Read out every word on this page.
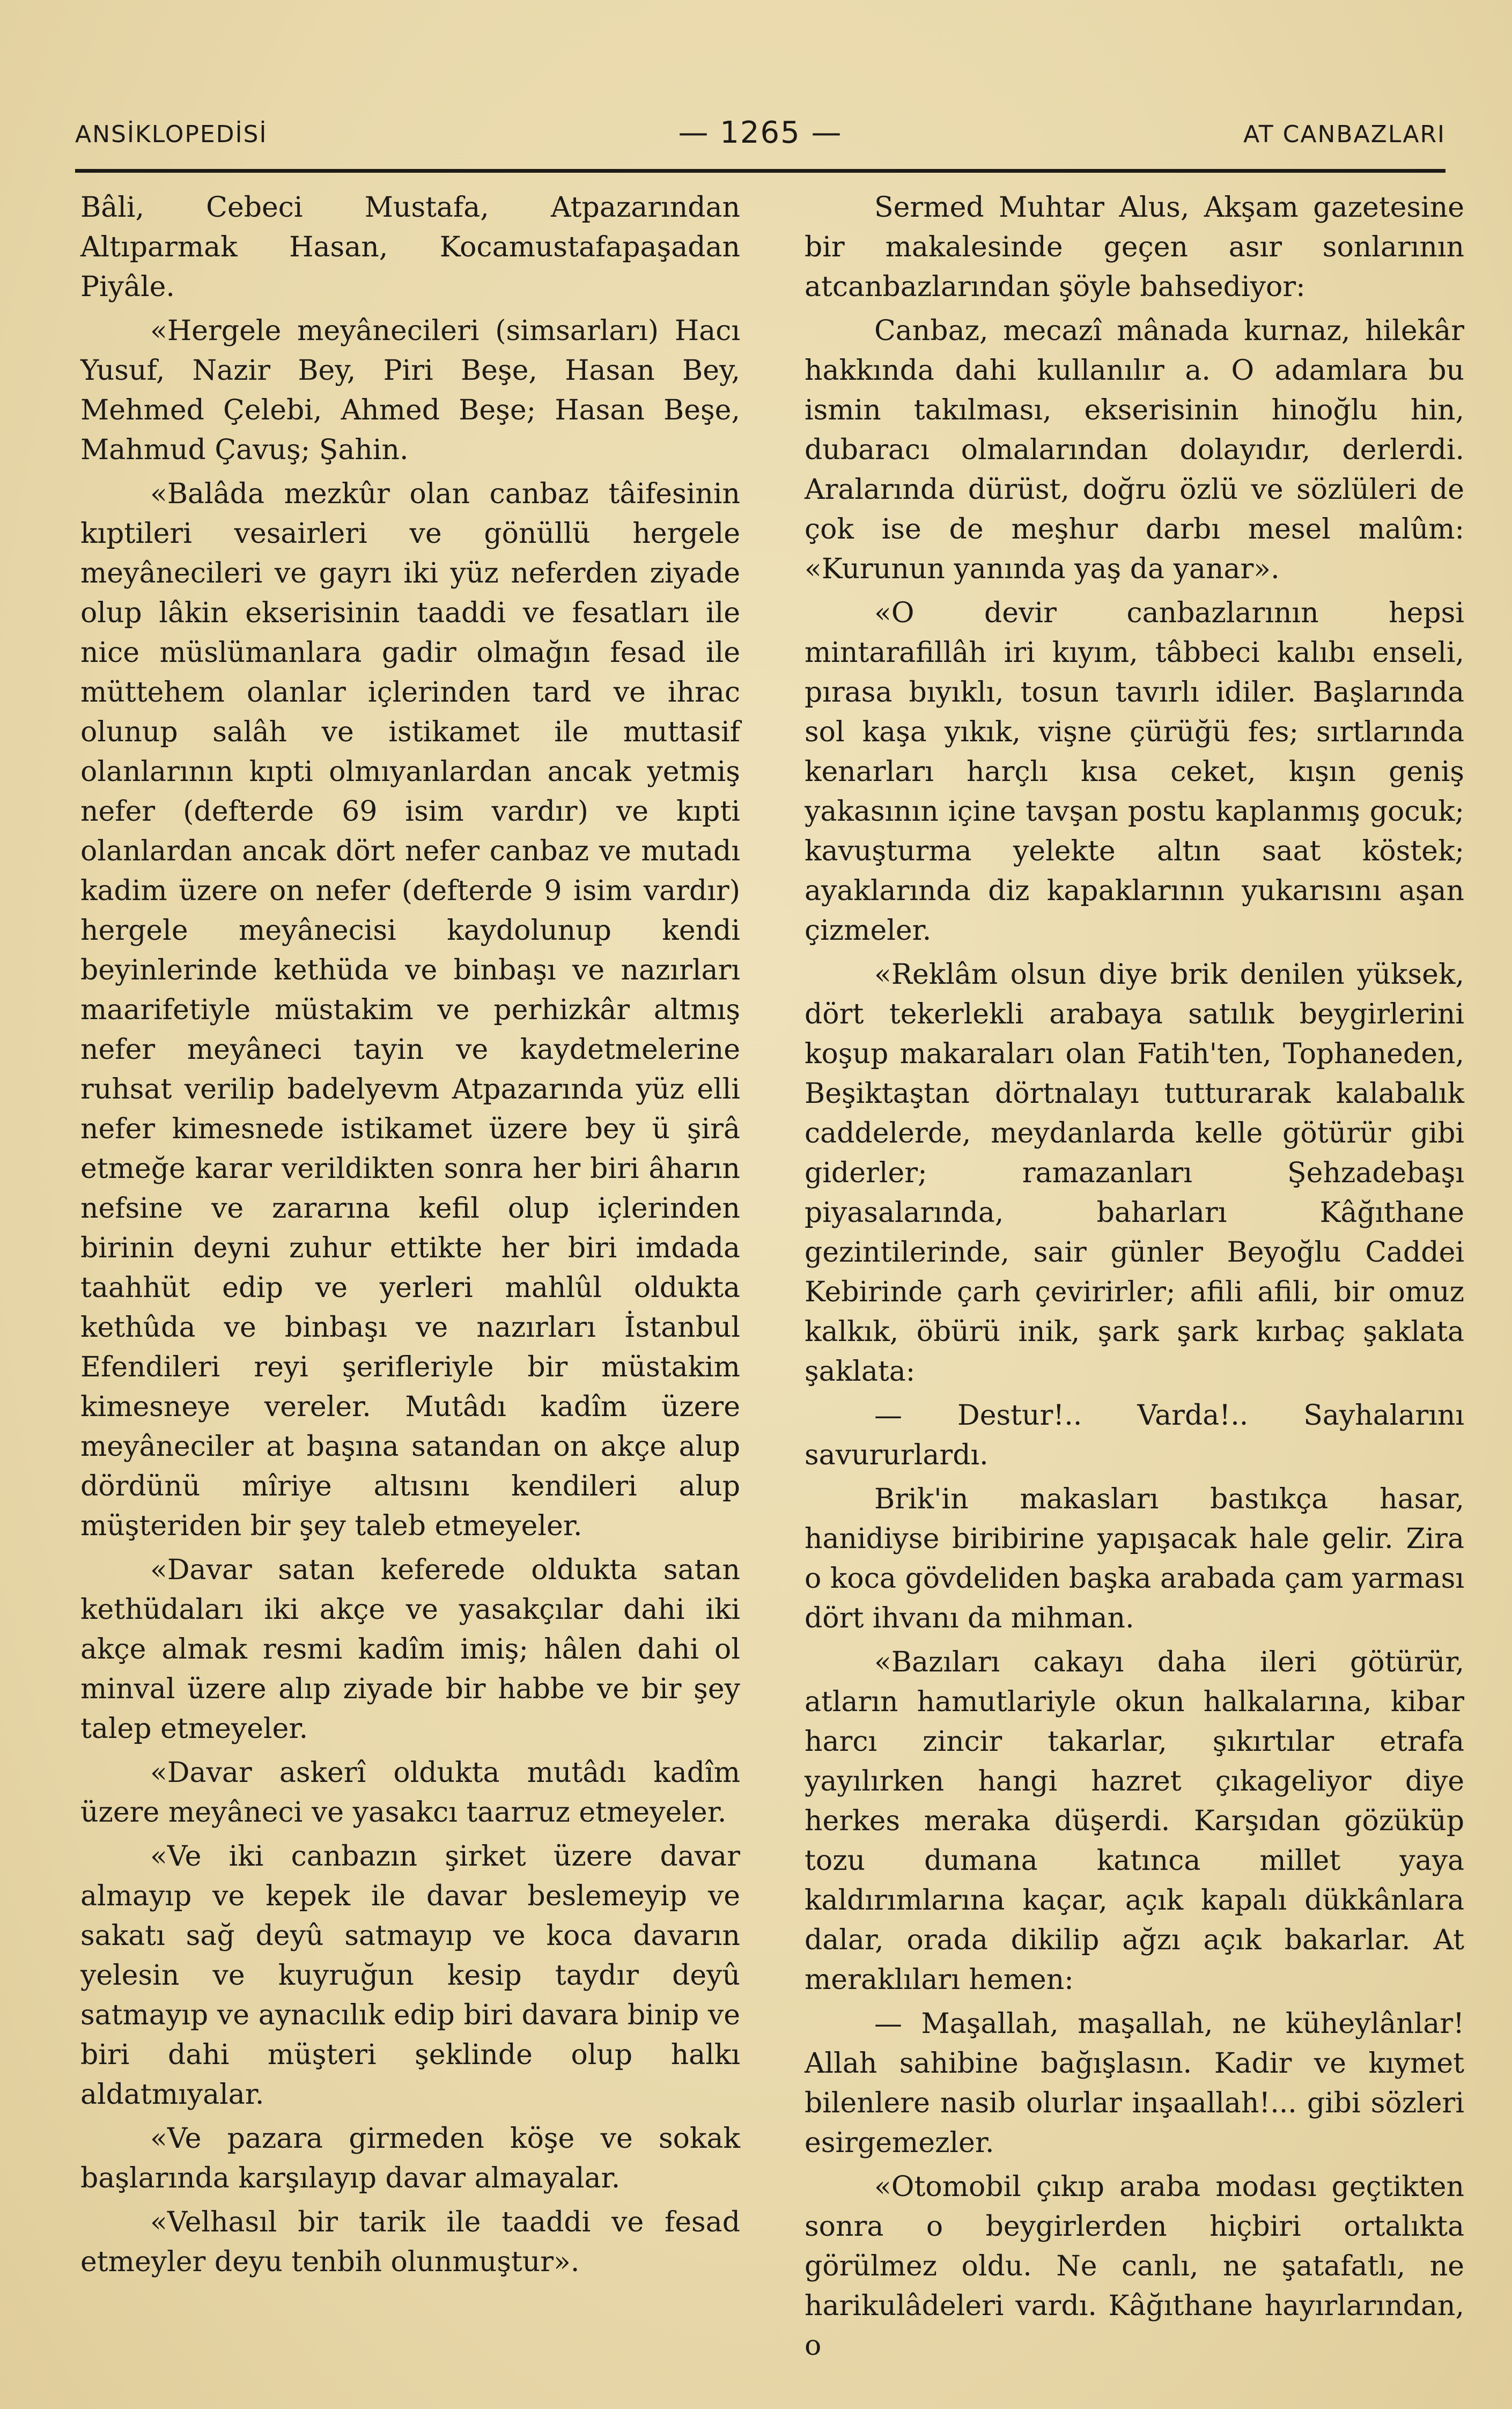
ANSİKLOPEDİSİ	— 1265 —	AT CANBAZLARI

Bâli, Cebeci Mustafa, Atpazarından Altıparmak Hasan, Kocamustafapaşadan Piyâle.

«Hergele meyânecileri (simsarları) Hacı Yusuf, Nazir Bey, Piri Beşe, Hasan Bey, Mehmed Çelebi, Ahmed Beşe; Hasan Beşe, Mahmud Çavuş; Şahin.

«Balâda mezkûr olan canbaz tâifesinin kıptileri vesairleri ve gönüllü hergele meyânecileri ve gayrı iki yüz neferden ziyade olup lâkin ekserisinin taaddi ve fesatları ile nice müslümanlara gadir olmağın fesad ile müttehem olanlar içlerinden tard ve ihrac olunup salâh ve istikamet ile muttasif olanlarının kıpti olmıyanlardan ancak yetmiş nefer (defterde 69 isim vardır) ve kıpti olanlardan ancak dört nefer canbaz ve mutadı kadim üzere on nefer (defterde 9 isim vardır) hergele meyânecisi kaydolunup kendi beyinlerinde kethüda ve binbaşı ve nazırları maarifetiyle müstakim ve perhizkâr altmış nefer meyâneci tayin ve kaydetmelerine ruhsat verilip badelyevm Atpazarında yüz elli nefer kimesnede istikamet üzere bey ü şirâ etmeğe karar verildikten sonra her biri âharın nefsine ve zararına kefil olup içlerinden birinin deyni zuhur ettikte her biri imdada taahhüt edip ve yerleri mahlûl oldukta kethûda ve binbaşı ve nazırları İstanbul Efendileri reyi şerifleriyle bir müstakim kimesneye vereler. Mutâdı kadîm üzere meyâneciler at başına satandan on akçe alup dördünü mîriye altısını kendileri alup müşteriden bir şey taleb etmeyeler.

«Davar satan keferede oldukta satan kethüdaları iki akçe ve yasakçılar dahi iki akçe almak resmi kadîm imiş; hâlen dahi ol minval üzere alıp ziyade bir habbe ve bir şey talep etmeyeler.

«Davar askerî oldukta mutâdı kadîm üzere meyâneci ve yasakcı taarruz etmeyeler.

«Ve iki canbazın şirket üzere davar almayıp ve kepek ile davar beslemeyip ve sakatı sağ deyû satmayıp ve koca davarın yelesin ve kuyruğun kesip taydır deyû satmayıp ve aynacılık edip biri davara binip ve biri dahi müşteri şeklinde olup halkı aldatmıyalar.

«Ve pazara girmeden köşe ve sokak başlarında karşılayıp davar almayalar.

«Velhasıl bir tarik ile taaddi ve fesad etmeyler deyu tenbih olunmuştur».

Sermed Muhtar Alus, Akşam gazetesine bir makalesinde geçen asır sonlarının atcanbazlarından şöyle bahsediyor:

Canbaz, mecazî mânada kurnaz, hilekâr hakkında dahi kullanılır a. O adamlara bu ismin takılması, ekserisinin hinoğlu hin, dubaracı olmalarından dolayıdır, derlerdi. Aralarında dürüst, doğru özlü ve sözlüleri de çok ise de meşhur darbı mesel malûm: «Kurunun yanında yaş da yanar».

«O devir canbazlarının hepsi mintarafillâh iri kıyım, tâbbeci kalıbı enseli, pırasa bıyıklı, tosun tavırlı idiler. Başlarında sol kaşa yıkık, vişne çürüğü fes; sırtlarında kenarları harçlı kısa ceket, kışın geniş yakasının içine tavşan postu kaplanmış gocuk; kavuşturma yelekte altın saat köstek; ayaklarında diz kapaklarının yukarısını aşan çizmeler.

«Reklâm olsun diye brik denilen yüksek, dört tekerlekli arabaya satılık beygirlerini koşup makaraları olan Fatih'ten, Tophaneden, Beşiktaştan dörtnalayı tutturarak kalabalık caddelerde, meydanlarda kelle götürür gibi giderler; ramazanları Şehzadebaşı piyasalarında, baharları Kâğıthane gezintilerinde, sair günler Beyoğlu Caddei Kebirinde çarh çevirirler; afili afili, bir omuz kalkık, öbürü inik, şark şark kırbaç şaklata şaklata:

— Destur!.. Varda!.. Sayhalarını savururlardı.

Brik'in makasları bastıkça hasar, hanidiyse biribirine yapışacak hale gelir. Zira o koca gövdeliden başka arabada çam yarması dört ihvanı da mihman.

«Bazıları cakayı daha ileri götürür, atların hamutlariyle okun halkalarına, kibar harcı zincir takarlar, şıkırtılar etrafa yayılırken hangi hazret çıkageliyor diye herkes meraka düşerdi. Karşıdan gözüküp tozu dumana katınca millet yaya kaldırımlarına kaçar, açık kapalı dükkânlara dalar, orada dikilip ağzı açık bakarlar. At meraklıları hemen:

— Maşallah, maşallah, ne küheylânlar! Allah sahibine bağışlasın. Kadir ve kıymet bilenlere nasib olurlar inşaallah!... gibi sözleri esirgemezler.

«Otomobil çıkıp araba modası geçtikten sonra o beygirlerden hiçbiri ortalıkta görülmez oldu. Ne canlı, ne şatafatlı, ne harikulâdeleri vardı. Kâğıthane hayırlarından, o
